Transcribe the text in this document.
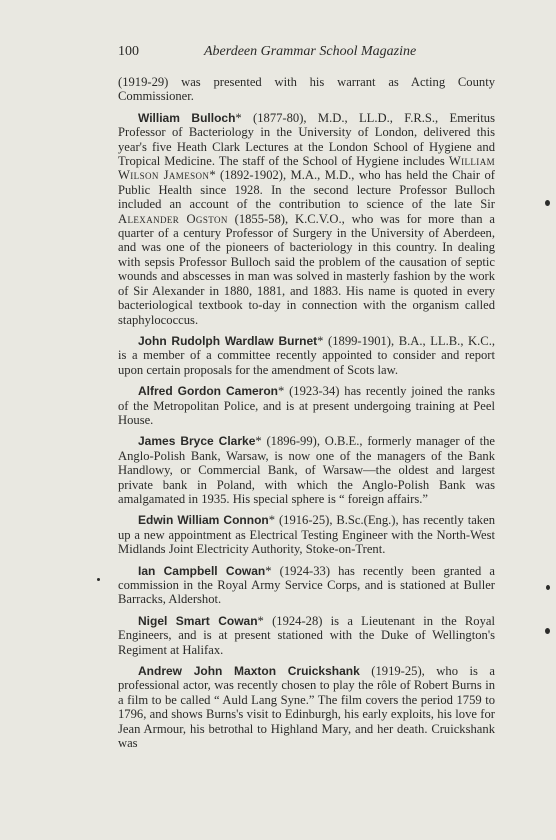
100	Aberdeen Grammar School Magazine

(1919-29) was presented with his warrant as Acting County Commissioner.

William Bulloch* (1877-80), M.D., LL.D., F.R.S., Emeritus Professor of Bacteriology in the University of London, delivered this year's five Heath Clark Lectures at the London School of Hygiene and Tropical Medicine. The staff of the School of Hygiene includes William Wilson Jameson* (1892-1902), M.A., M.D., who has held the Chair of Public Health since 1928. In the second lecture Professor Bulloch included an account of the contribution to science of the late Sir Alexander Ogston (1855-58), K.C.V.O., who was for more than a quarter of a century Professor of Surgery in the University of Aberdeen, and was one of the pioneers of bacteriology in this country. In dealing with sepsis Professor Bulloch said the problem of the causation of septic wounds and abscesses in man was solved in masterly fashion by the work of Sir Alexander in 1880, 1881, and 1883. His name is quoted in every bacteriological textbook to-day in connection with the organism called staphylococcus.

John Rudolph Wardlaw Burnet* (1899-1901), B.A., LL.B., K.C., is a member of a committee recently appointed to consider and report upon certain proposals for the amendment of Scots law.

Alfred Gordon Cameron* (1923-34) has recently joined the ranks of the Metropolitan Police, and is at present undergoing training at Peel House.

James Bryce Clarke* (1896-99), O.B.E., formerly manager of the Anglo-Polish Bank, Warsaw, is now one of the managers of the Bank Handlowy, or Commercial Bank, of Warsaw—the oldest and largest private bank in Poland, with which the Anglo-Polish Bank was amalgamated in 1935. His special sphere is “ foreign affairs.”

Edwin William Connon* (1916-25), B.Sc.(Eng.), has recently taken up a new appointment as Electrical Testing Engineer with the North-West Midlands Joint Electricity Authority, Stoke-on-Trent.

Ian Campbell Cowan* (1924-33) has recently been granted a commission in the Royal Army Service Corps, and is stationed at Buller Barracks, Aldershot.

Nigel Smart Cowan* (1924-28) is a Lieutenant in the Royal Engineers, and is at present stationed with the Duke of Wellington's Regiment at Halifax.

Andrew John Maxton Cruickshank (1919-25), who is a professional actor, was recently chosen to play the rôle of Robert Burns in a film to be called “ Auld Lang Syne.” The film covers the period 1759 to 1796, and shows Burns's visit to Edinburgh, his early exploits, his love for Jean Armour, his betrothal to Highland Mary, and her death. Cruickshank was
